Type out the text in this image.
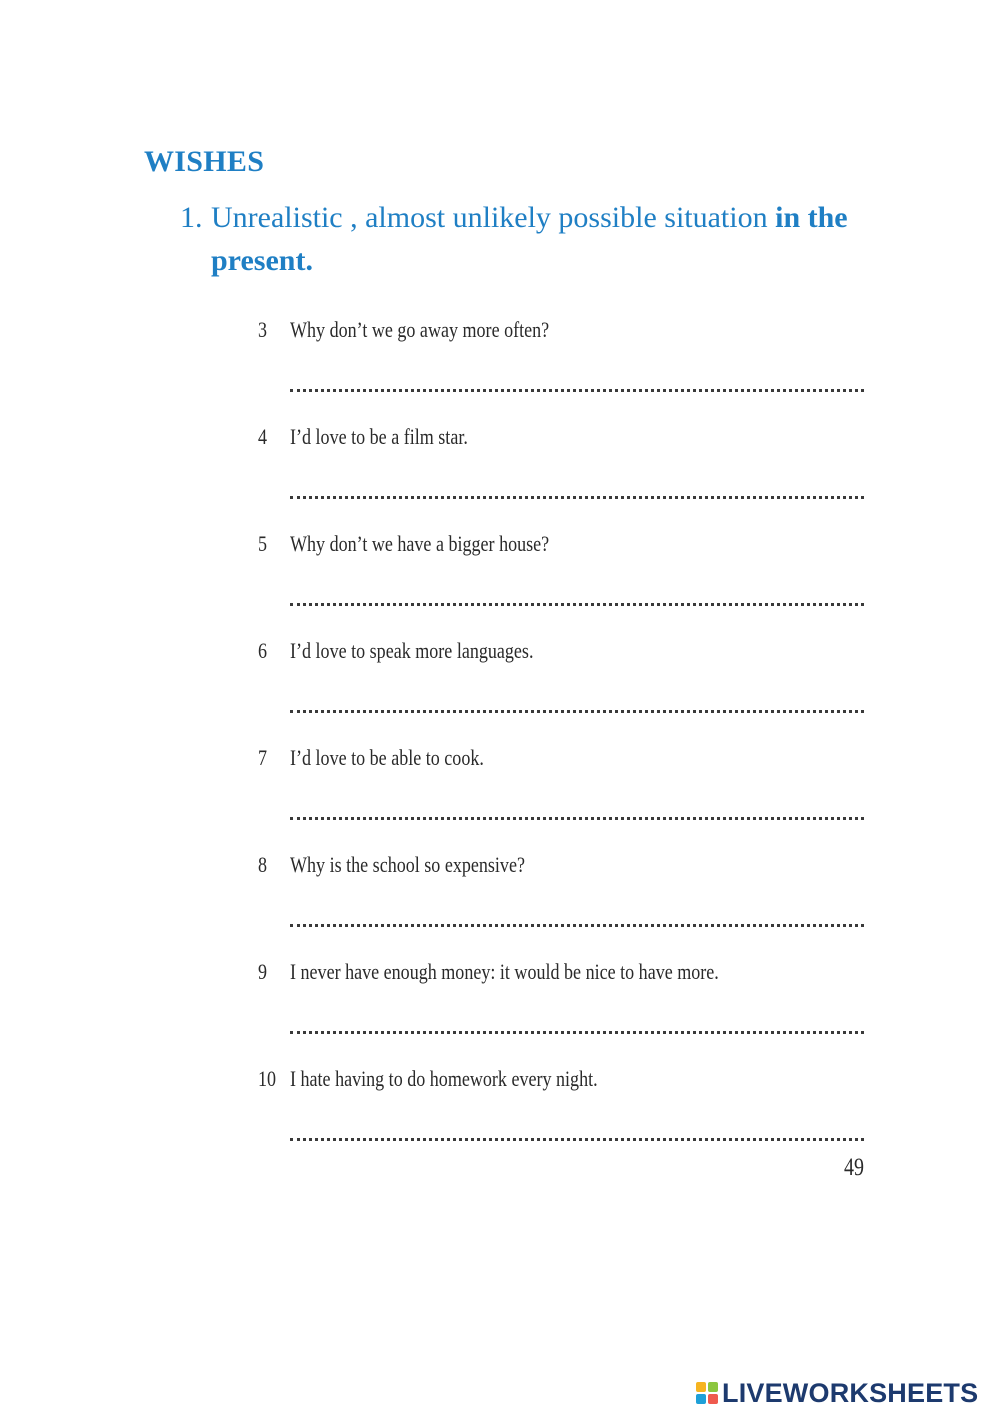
WISHES
1. Unrealistic , almost unlikely possible situation in the present.
3 Why don’t we go away more often?
4 I’d love to be a film star.
5 Why don’t we have a bigger house?
6 I’d love to speak more languages.
7 I’d love to be able to cook.
8 Why is the school so expensive?
9 I never have enough money: it would be nice to have more.
10 I hate having to do homework every night.
49
LIVEWORKSHEETS
